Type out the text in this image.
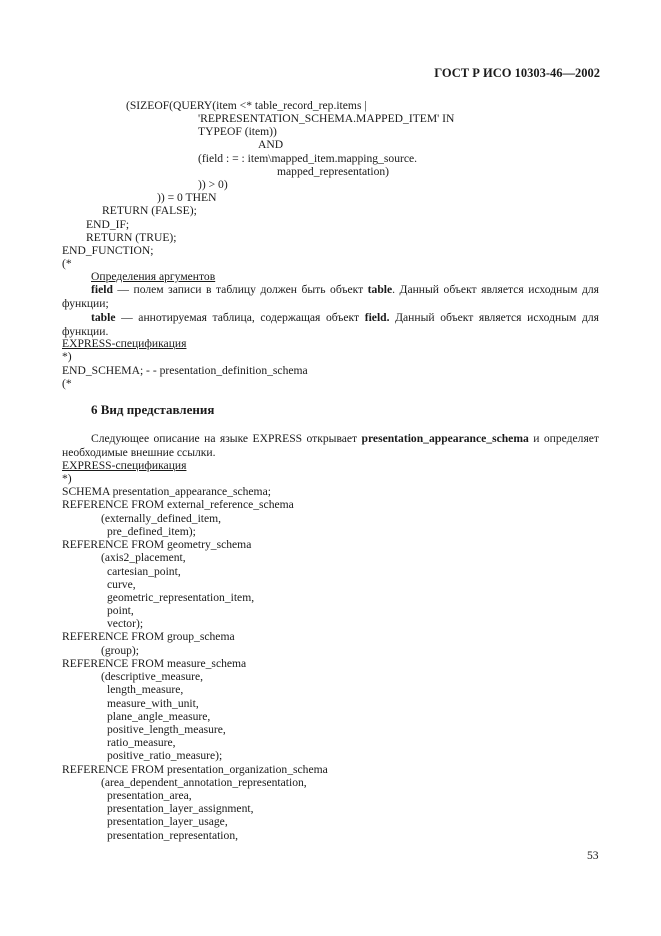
ГОСТ Р ИСО 10303-46—2002
(SIZEOF(QUERY(item <* table_record_rep.items |
'REPRESENTATION_SCHEMA.MAPPED_ITEM' IN
TYPEOF (item))
AND
(field : = : item\mapped_item.mapping_source.
mapped_representation)
)) > 0)
)) = 0 THEN
RETURN (FALSE);
END_IF;
RETURN (TRUE);
END_FUNCTION;
(*
Определения аргументов
field — полем записи в таблицу должен быть объект table. Данный объект является исходным для функции;
table — аннотируемая таблица, содержащая объект field. Данный объект является исходным для функции.
EXPRESS-спецификация
*)
END_SCHEMA; - - presentation_definition_schema
(*
6 Вид представления
Следующее описание на языке EXPRESS открывает presentation_appearance_schema и определяет необходимые внешние ссылки.
EXPRESS-спецификация
*)
SCHEMA presentation_appearance_schema;
REFERENCE FROM external_reference_schema
(externally_defined_item,
pre_defined_item);
REFERENCE FROM geometry_schema
(axis2_placement,
cartesian_point,
curve,
geometric_representation_item,
point,
vector);
REFERENCE FROM group_schema
(group);
REFERENCE FROM measure_schema
(descriptive_measure,
length_measure,
measure_with_unit,
plane_angle_measure,
positive_length_measure,
ratio_measure,
positive_ratio_measure);
REFERENCE FROM presentation_organization_schema
(area_dependent_annotation_representation,
presentation_area,
presentation_layer_assignment,
presentation_layer_usage,
presentation_representation,
53
